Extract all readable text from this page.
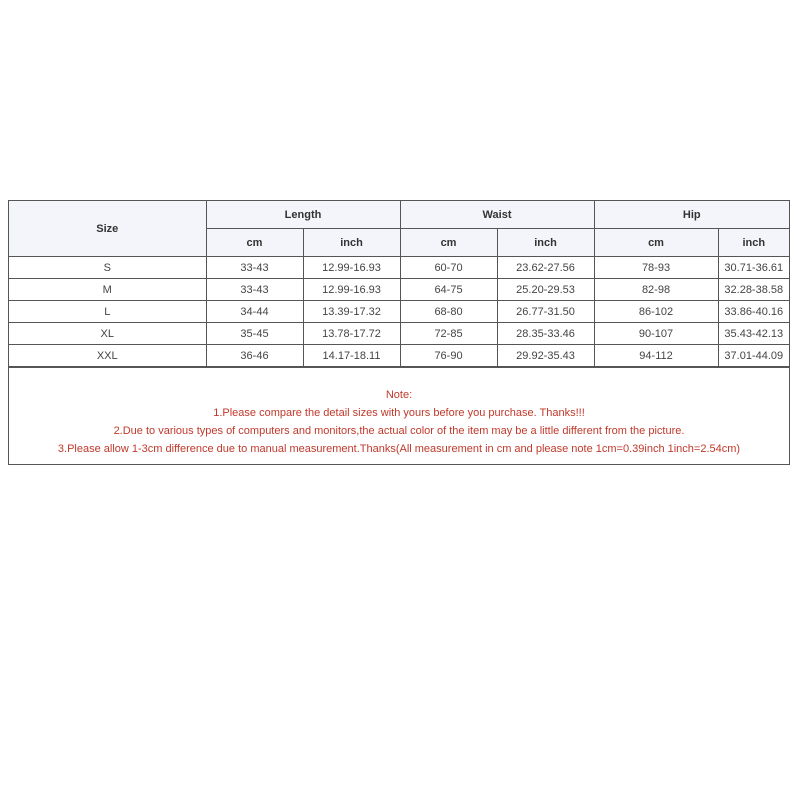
Size	Length		Waist		Hip	
	cm	inch	cm	inch	cm	inch
S	33-43	12.99-16.93	60-70	23.62-27.56	78-93	30.71-36.61
M	33-43	12.99-16.93	64-75	25.20-29.53	82-98	32.28-38.58
L	34-44	13.39-17.32	68-80	26.77-31.50	86-102	33.86-40.16
XL	35-45	13.78-17.72	72-85	28.35-33.46	90-107	35.43-42.13
XXL	36-46	14.17-18.11	76-90	29.92-35.43	94-112	37.01-44.09
Note:
1.Please compare the detail sizes with yours before you purchase. Thanks!!!
2.Due to various types of computers and monitors,the actual color of the item may be a little different from the picture.
3.Please allow 1-3cm difference due to manual measurement.Thanks(All measurement in cm and please note 1cm=0.39inch 1inch=2.54cm)
